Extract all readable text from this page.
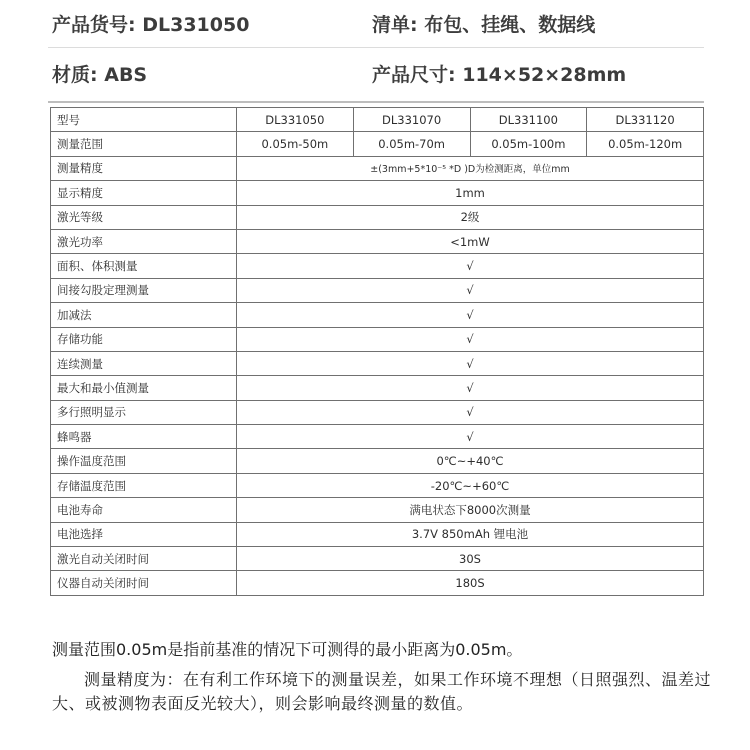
产品货号: DL331050	清单: 布包、挂绳、数据线
材质: ABS	产品尺寸: 114×52×28mm
型号	DL331050	DL331070	DL331100	DL331120
测量范围	0.05m-50m	0.05m-70m	0.05m-100m	0.05m-120m
测量精度	±(3mm+5*10⁻⁵ *D )D为检测距离，单位mm			
显示精度	1mm			
激光等级	2级			
激光功率	<1mW			
面积、体积测量	√			
间接勾股定理测量	√			
加减法	√			
存储功能	√			
连续测量	√			
最大和最小值测量	√			
多行照明显示	√			
蜂鸣器	√			
操作温度范围	0℃~+40℃			
存储温度范围	-20℃~+60℃			
电池寿命	满电状态下8000次测量			
电池选择	3.7V 850mAh 锂电池			
激光自动关闭时间	30S			
仪器自动关闭时间	180S			
测量范围0.05m是指前基准的情况下可测得的最小距离为0.05m。
测量精度为：在有利工作环境下的测量误差，如果工作环境不理想（日照强烈、温差过大、或被测物表面反光较大），则会影响最终测量的数值。
